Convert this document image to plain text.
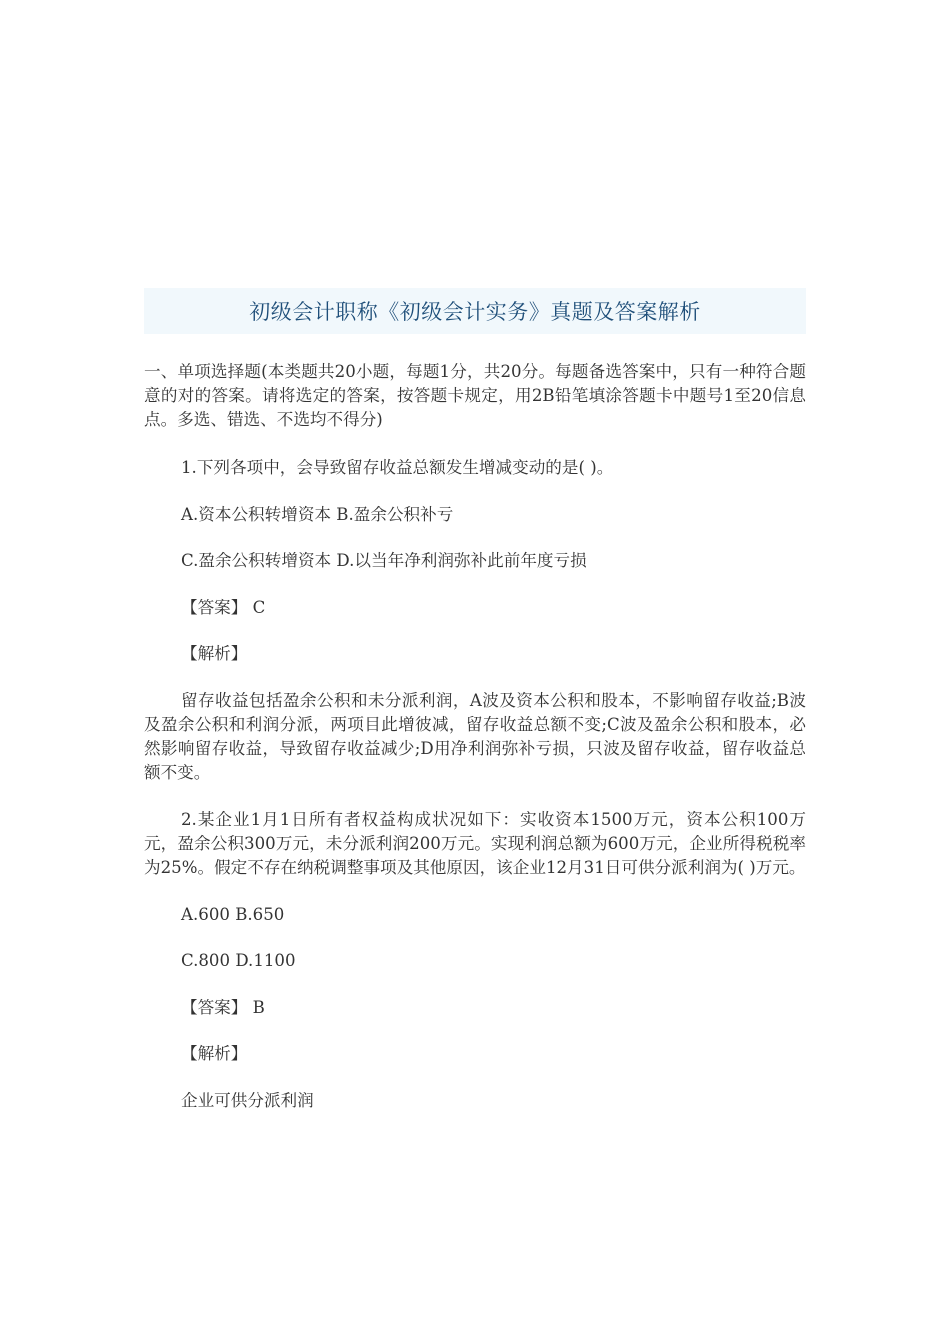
初级会计职称《初级会计实务》真题及答案解析

一、单项选择题(本类题共20小题，每题1分，共20分。每题备选答案中，只有一种符合题意的对的答案。请将选定的答案，按答题卡规定，用2B铅笔填涂答题卡中题号1至20信息点。多选、错选、不选均不得分)

1.下列各项中，会导致留存收益总额发生增减变动的是( )。

A.资本公积转增资本 B.盈余公积补亏

C.盈余公积转增资本 D.以当年净利润弥补此前年度亏损

【答案】 C

【解析】

留存收益包括盈余公积和未分派利润，A波及资本公积和股本，不影响留存收益;B波及盈余公积和利润分派，两项目此增彼减，留存收益总额不变;C波及盈余公积和股本，必然影响留存收益，导致留存收益减少;D用净利润弥补亏损，只波及留存收益，留存收益总额不变。

2.某企业1月1日所有者权益构成状况如下：实收资本1500万元，资本公积100万元，盈余公积300万元，未分派利润200万元。实现利润总额为600万元，企业所得税税率为25%。假定不存在纳税调整事项及其他原因，该企业12月31日可供分派利润为( )万元。

A.600 B.650

C.800 D.1100

【答案】 B

【解析】

企业可供分派利润
